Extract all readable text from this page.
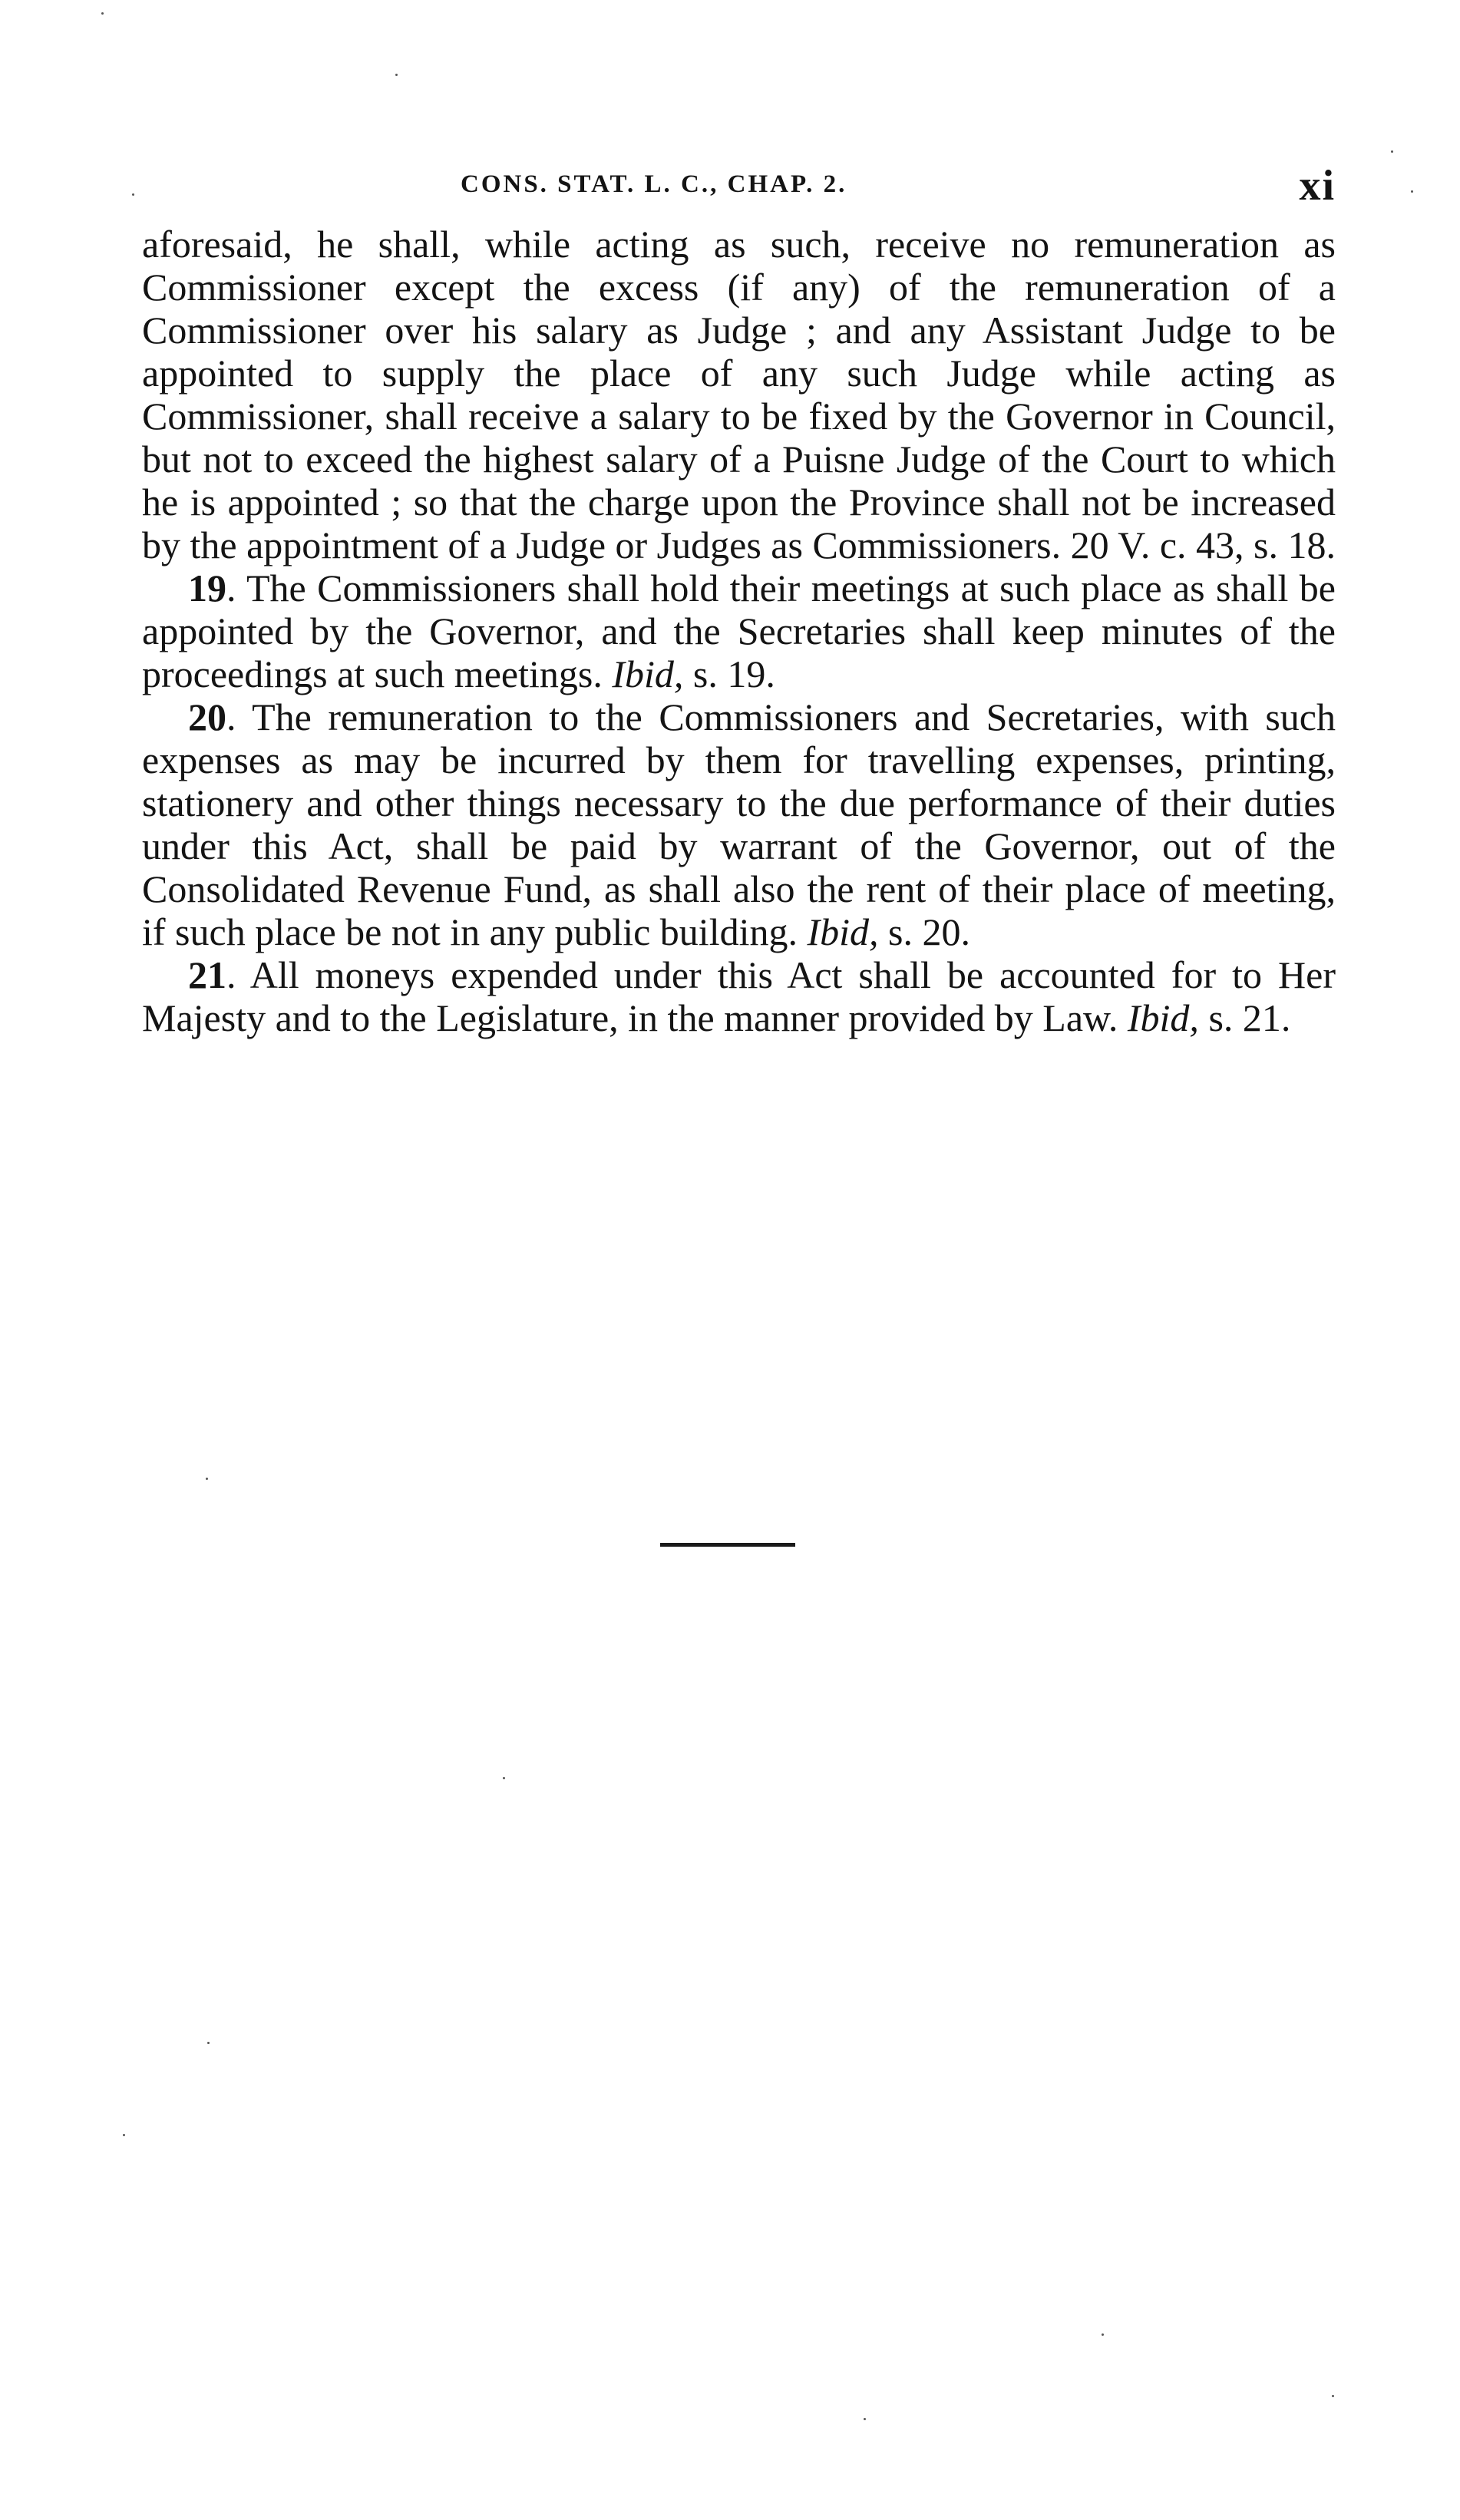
CONS. STAT. L. C., CHAP. 2.	xi

aforesaid, he shall, while acting as such, receive no remuneration as Commissioner except the excess (if any) of the remuneration of a Commissioner over his salary as Judge ; and any Assistant Judge to be appointed to supply the place of any such Judge while acting as Commissioner, shall receive a salary to be fixed by the Governor in Council, but not to exceed the highest salary of a Puisne Judge of the Court to which he is appointed ; so that the charge upon the Province shall not be increased by the appointment of a Judge or Judges as Commissioners. 20 V. c. 43, s. 18.

19. The Commissioners shall hold their meetings at such place as shall be appointed by the Governor, and the Secretaries shall keep minutes of the proceedings at such meetings. Ibid, s. 19.

20. The remuneration to the Commissioners and Secretaries, with such expenses as may be incurred by them for travelling expenses, printing, stationery and other things necessary to the due performance of their duties under this Act, shall be paid by warrant of the Governor, out of the Consolidated Revenue Fund, as shall also the rent of their place of meeting, if such place be not in any public building. Ibid, s. 20.

21. All moneys expended under this Act shall be accounted for to Her Majesty and to the Legislature, in the manner provided by Law. Ibid, s. 21.
